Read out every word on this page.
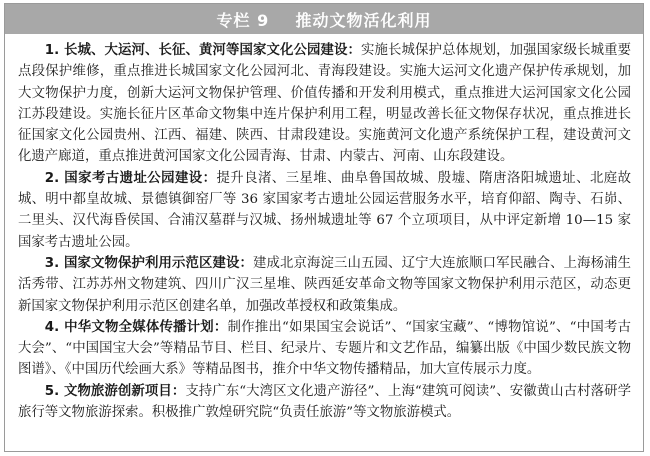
专栏 9    推动文物活化利用

1. 长城、大运河、长征、黄河等国家文化公园建设：实施长城保护总体规划，加强国家级长城重要点段保护维修，重点推进长城国家文化公园河北、青海段建设。实施大运河文化遗产保护传承规划，加大文物保护力度，创新大运河文物保护管理、价值传播和开发利用模式，重点推进大运河国家文化公园江苏段建设。实施长征片区革命文物集中连片保护利用工程，明显改善长征文物保存状况，重点推进长征国家文化公园贵州、江西、福建、陕西、甘肃段建设。实施黄河文化遗产系统保护工程，建设黄河文化遗产廊道，重点推进黄河国家文化公园青海、甘肃、内蒙古、河南、山东段建设。

2. 国家考古遗址公园建设：提升良渚、三星堆、曲阜鲁国故城、殷墟、隋唐洛阳城遗址、北庭故城、明中都皇故城、景德镇御窑厂等 36 家国家考古遗址公园运营服务水平，培育仰韶、陶寺、石峁、二里头、汉代海昏侯国、合浦汉墓群与汉城、扬州城遗址等 67 个立项项目，从中评定新增 10—15 家国家考古遗址公园。

3. 国家文物保护利用示范区建设：建成北京海淀三山五园、辽宁大连旅顺口军民融合、上海杨浦生活秀带、江苏苏州文物建筑、四川广汉三星堆、陕西延安革命文物等国家文物保护利用示范区，动态更新国家文物保护利用示范区创建名单，加强改革授权和政策集成。

4. 中华文物全媒体传播计划：制作推出“如果国宝会说话”、“国家宝藏”、“博物馆说”、“中国考古大会”、“中国国宝大会”等精品节目、栏目、纪录片、专题片和文艺作品，编纂出版《中国少数民族文物图谱》、《中国历代绘画大系》等精品图书，推介中华文物传播精品，加大宣传展示力度。

5. 文物旅游创新项目：支持广东“大湾区文化遗产游径”、上海“建筑可阅读”、安徽黄山古村落研学旅行等文物旅游探索。积极推广敦煌研究院“负责任旅游”等文物旅游模式。
